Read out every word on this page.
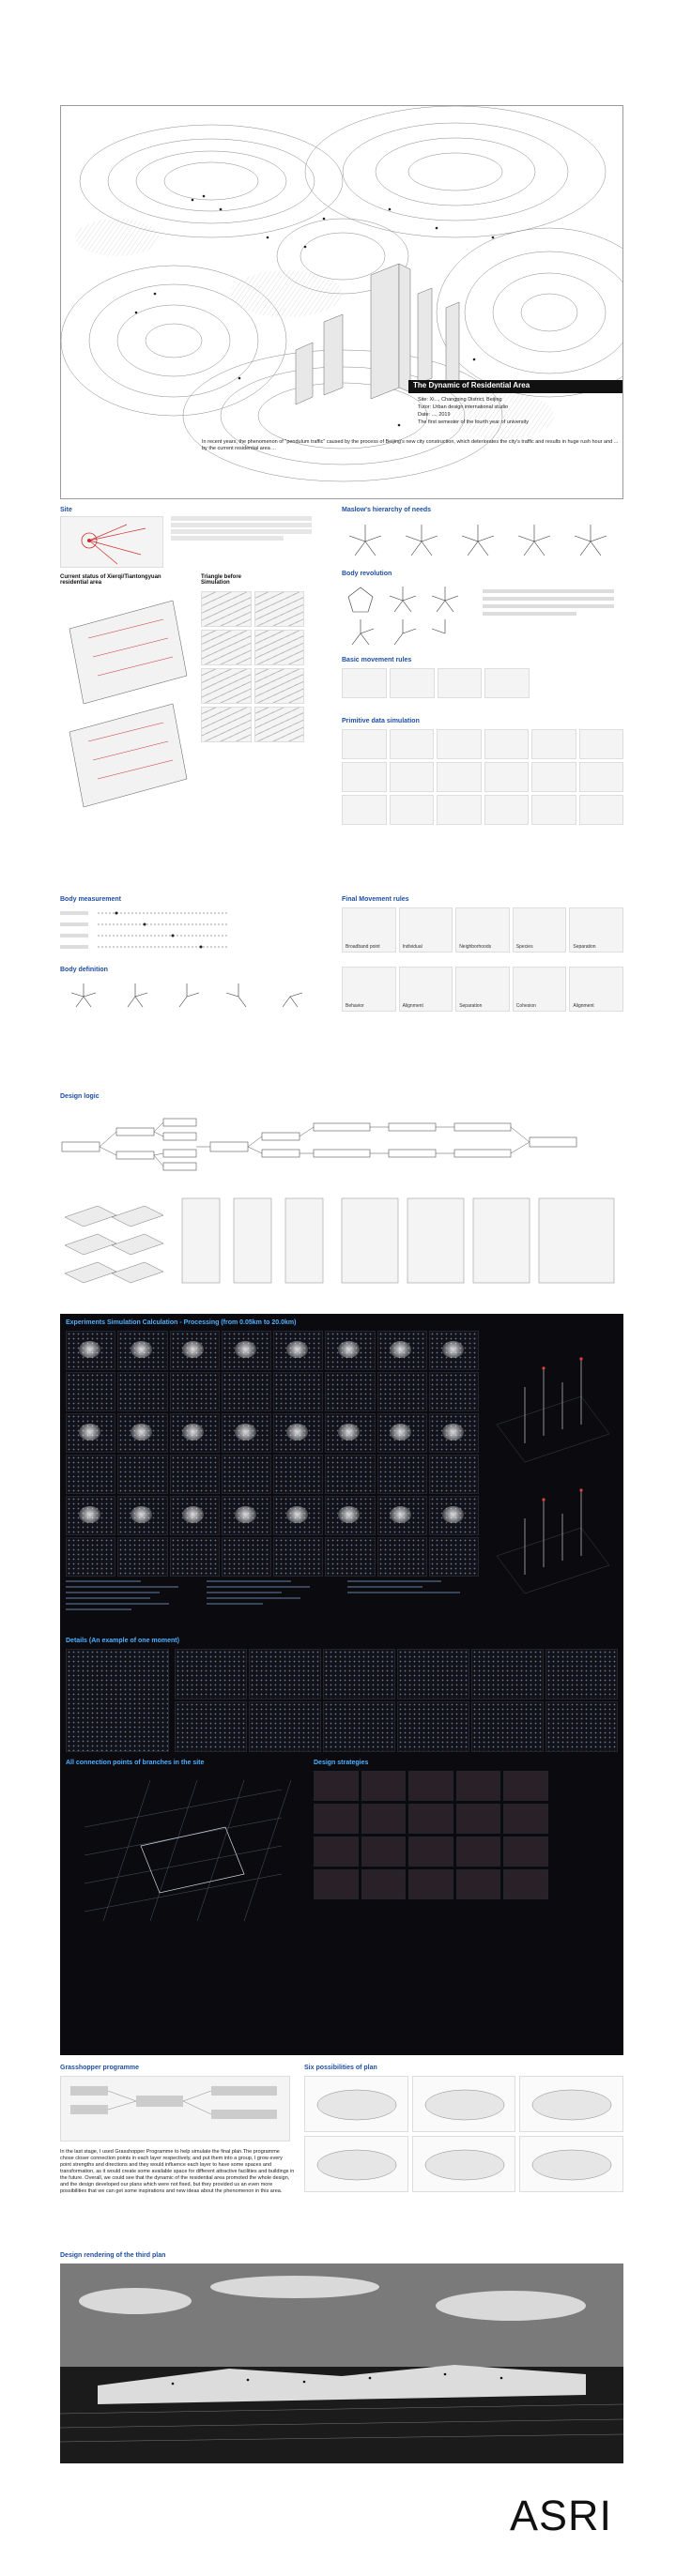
The Dynamic of Residential Area
Site: Xi..., Changping District, Beijing
Tutor: Urban design international studio
Date: ..., 2019
The first semester of the fourth year of university
In recent years, the phenomenon of "pendulum traffic" caused by the process of Beijing's new city construction, which deteriorates the city's traffic and results in huge rush hour and ... by the current residential area ...
Site
Current status of Xierqi/Tiantongyuan residential area
Triangle before Simulation
Maslow's hierarchy of needs
Body revolution
Basic movement rules
Primitive data simulation
Body measurement
Body definition
Final Movement rules
Broadband point	Individual	Neighborhoods	Species	Separation
Behavior	Alignment	Separation	Cohesion	Alignment
Design logic
Experiments Simulation Calculation - Processing (from 0.05km to 20.0km)
Details (An example of one moment)
All connection points of branches in the site	Design strategies
Grasshopper programme
In the last stage, I used Grasshopper Programme to help simulate the final plan.The programme chose closer connection points in each layer respectively, and put them into a group, I grow every point strengths and directions and they would influence each layer to have some spaces and transformation, as it would create some available space for different attractive facilities and buildings in the future. Overall, we could see that the dynamic of the residential area promoted the whole design, and the design developed our plans which were not fixed, but they provided us an even more possibilities that we can get some inspirations and new ideas about the phenomenon in this area.
Six possibilities of plan
Design rendering of the third plan
ASRI
